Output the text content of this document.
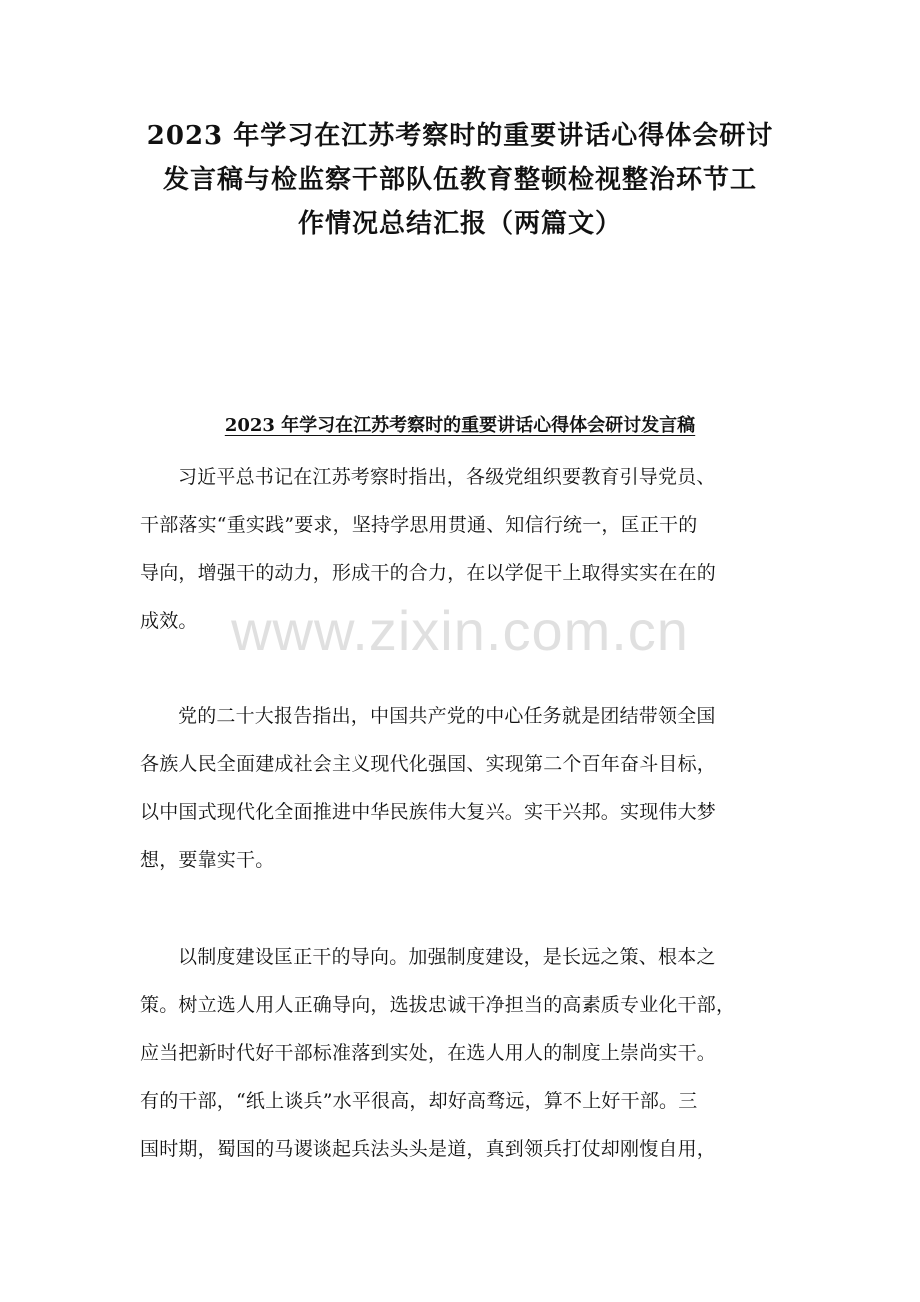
2023 年学习在江苏考察时的重要讲话心得体会研讨
发言稿与检监察干部队伍教育整顿检视整治环节工
作情况总结汇报（两篇文）
2023 年学习在江苏考察时的重要讲话心得体会研讨发言稿
习近平总书记在江苏考察时指出，各级党组织要教育引导党员、
干部落实“重实践”要求，坚持学思用贯通、知信行统一，匡正干的
导向，增强干的动力，形成干的合力，在以学促干上取得实实在在的
成效。
党的二十大报告指出，中国共产党的中心任务就是团结带领全国
各族人民全面建成社会主义现代化强国、实现第二个百年奋斗目标，
以中国式现代化全面推进中华民族伟大复兴。实干兴邦。实现伟大梦
想，要靠实干。
以制度建设匡正干的导向。加强制度建设，是长远之策、根本之
策。树立选人用人正确导向，选拔忠诚干净担当的高素质专业化干部，
应当把新时代好干部标准落到实处，在选人用人的制度上崇尚实干。
有的干部，“纸上谈兵”水平很高，却好高骛远，算不上好干部。三
国时期，蜀国的马谡谈起兵法头头是道，真到领兵打仗却刚愎自用，
www.zixin.com.cn
